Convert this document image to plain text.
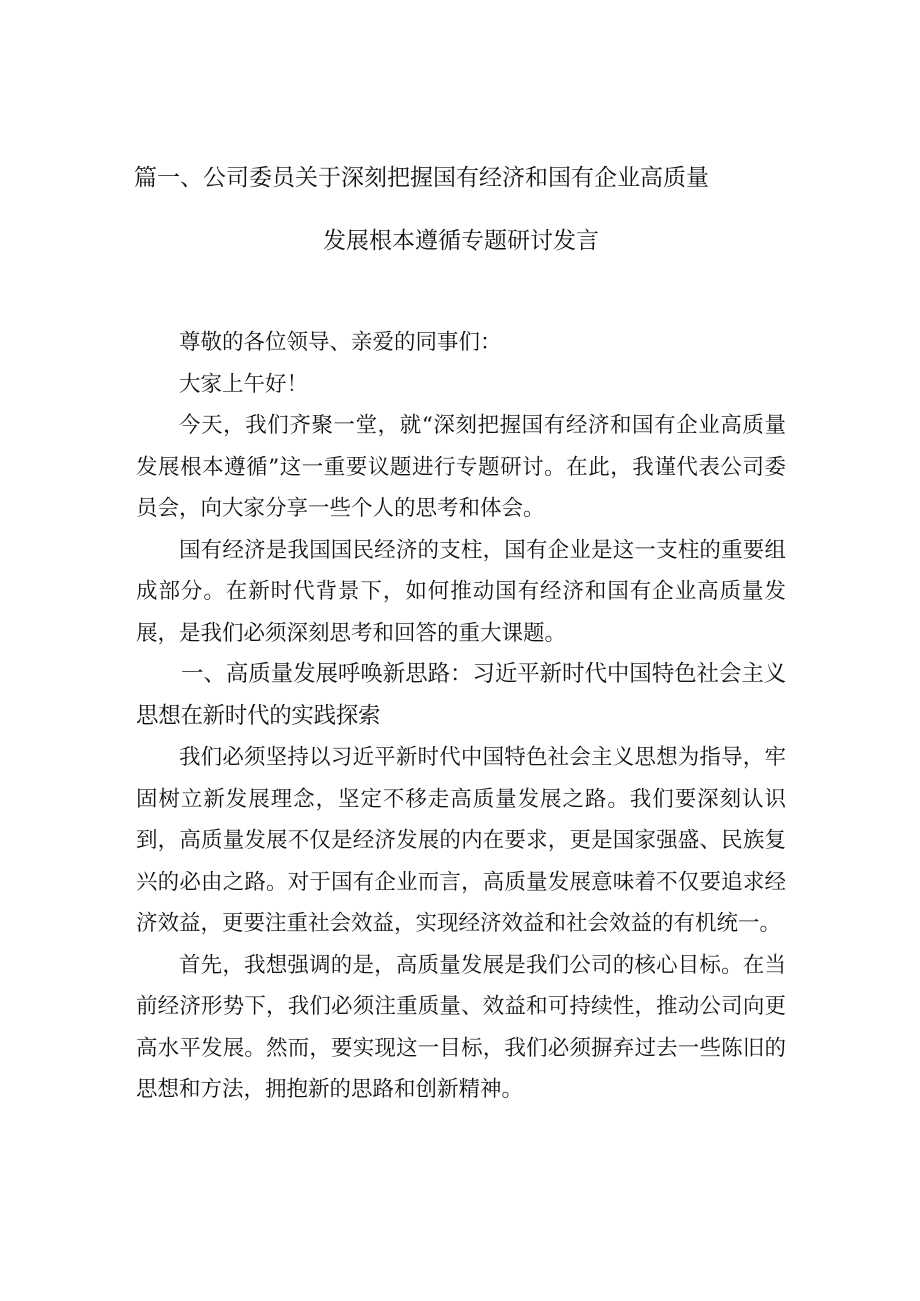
篇一、公司委员关于深刻把握国有经济和国有企业高质量
发展根本遵循专题研讨发言

尊敬的各位领导、亲爱的同事们：

大家上午好！

今天，我们齐聚一堂，就“深刻把握国有经济和国有企业高质量发展根本遵循”这一重要议题进行专题研讨。在此，我谨代表公司委员会，向大家分享一些个人的思考和体会。

国有经济是我国国民经济的支柱，国有企业是这一支柱的重要组成部分。在新时代背景下，如何推动国有经济和国有企业高质量发展，是我们必须深刻思考和回答的重大课题。

一、高质量发展呼唤新思路：习近平新时代中国特色社会主义思想在新时代的实践探索

我们必须坚持以习近平新时代中国特色社会主义思想为指导，牢固树立新发展理念，坚定不移走高质量发展之路。我们要深刻认识到，高质量发展不仅是经济发展的内在要求，更是国家强盛、民族复兴的必由之路。对于国有企业而言，高质量发展意味着不仅要追求经济效益，更要注重社会效益，实现经济效益和社会效益的有机统一。

首先，我想强调的是，高质量发展是我们公司的核心目标。在当前经济形势下，我们必须注重质量、效益和可持续性，推动公司向更高水平发展。然而，要实现这一目标，我们必须摒弃过去一些陈旧的思想和方法，拥抱新的思路和创新精神。
